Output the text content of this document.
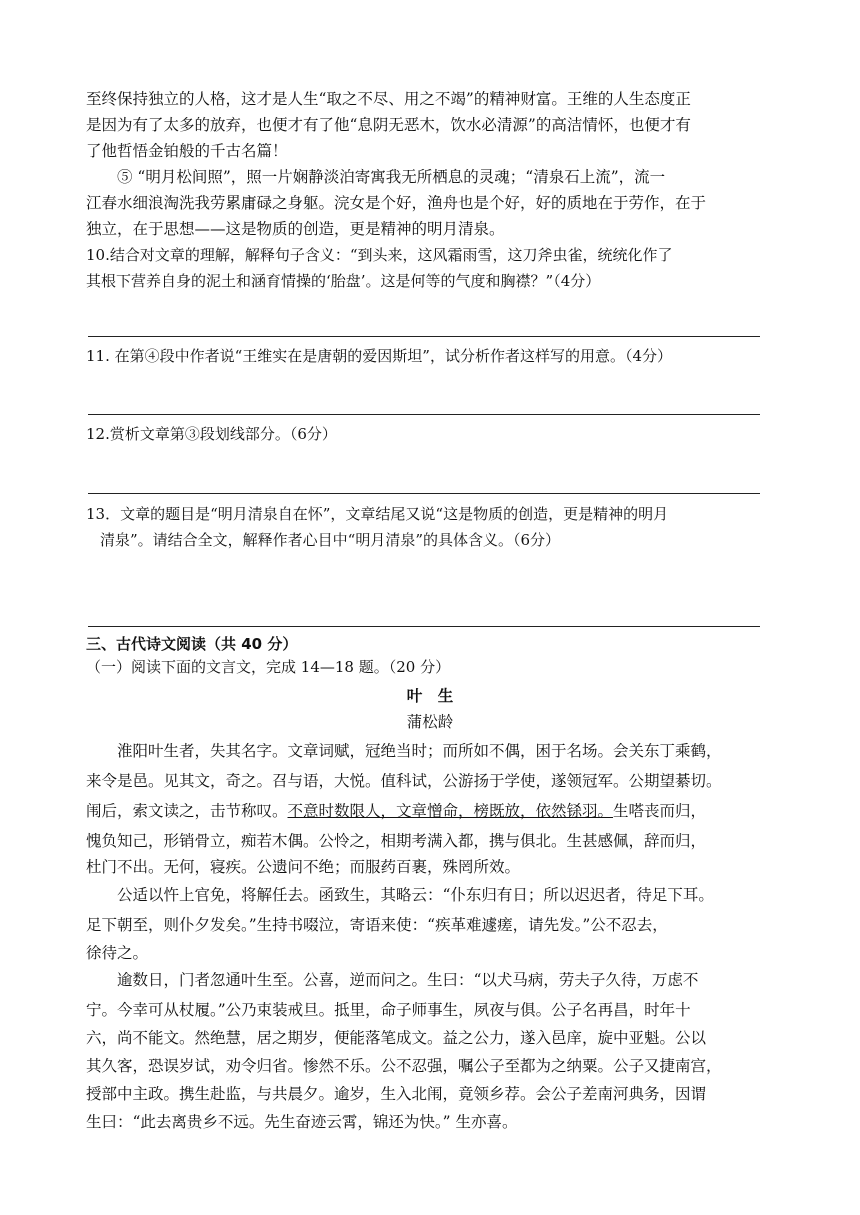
至终保持独立的人格，这才是人生“取之不尽、用之不竭”的精神财富。王维的人生态度正
是因为有了太多的放弃，也便才有了他“息阴无恶木，饮水必清源”的高洁情怀，也便才有
了他哲悟金铂般的千古名篇！
⑤ “明月松间照”，照一片娴静淡泊寄寓我无所栖息的灵魂；“清泉石上流”，流一
江春水细浪淘洗我劳累庸碌之身躯。浣女是个好，渔舟也是个好，好的质地在于劳作，在于
独立，在于思想——这是物质的创造，更是精神的明月清泉。
10.结合对文章的理解，解释句子含义：“到头来，这风霜雨雪，这刀斧虫雀，统统化作了
其根下营养自身的泥土和涵育情操的‘胎盘’。这是何等的气度和胸襟？”（4分）
11. 在第④段中作者说“王维实在是唐朝的爱因斯坦”，试分析作者这样写的用意。（4分）
12.赏析文章第③段划线部分。（6分）
13．文章的题目是“明月清泉自在怀”，文章结尾又说“这是物质的创造，更是精神的明月
清泉”。请结合全文，解释作者心目中“明月清泉”的具体含义。（6分）
三、古代诗文阅读（共 40 分）
（一）阅读下面的文言文，完成 14—18 题。（20 分）
叶　生
蒲松龄
淮阳叶生者，失其名字。文章词赋，冠绝当时；而所如不偶，困于名场。会关东丁乘鹤，
来令是邑。见其文，奇之。召与语，大悦。值科试，公游扬于学使，遂领冠军。公期望綦切。
闱后，索文读之，击节称叹。不意时数限人，文章憎命，榜既放，依然铩羽。生嗒丧而归，
愧负知己，形销骨立，痴若木偶。公怜之，相期考满入都，携与俱北。生甚感佩，辞而归，
杜门不出。无何，寝疾。公遗问不绝；而服药百裹，殊罔所效。
公适以忤上官免，将解任去。函致生，其略云：“仆东归有日；所以迟迟者，待足下耳。
足下朝至，则仆夕发矣。”生持书啜泣，寄语来使：“疾革难遽瘥，请先发。”公不忍去，
徐待之。
逾数日，门者忽通叶生至。公喜，逆而问之。生曰：“以犬马病，劳夫子久待，万虑不
宁。今幸可从杖履。”公乃束装戒旦。抵里，命子师事生，夙夜与俱。公子名再昌，时年十
六，尚不能文。然绝慧，居之期岁，便能落笔成文。益之公力，遂入邑庠，旋中亚魁。公以
其久客，恐误岁试，劝令归省。惨然不乐。公不忍强，嘱公子至都为之纳粟。公子又捷南宫，
授部中主政。携生赴监，与共晨夕。逾岁，生入北闱，竟领乡荐。会公子差南河典务，因谓
生曰：“此去离贵乡不远。先生奋迹云霄，锦还为快。” 生亦喜。
